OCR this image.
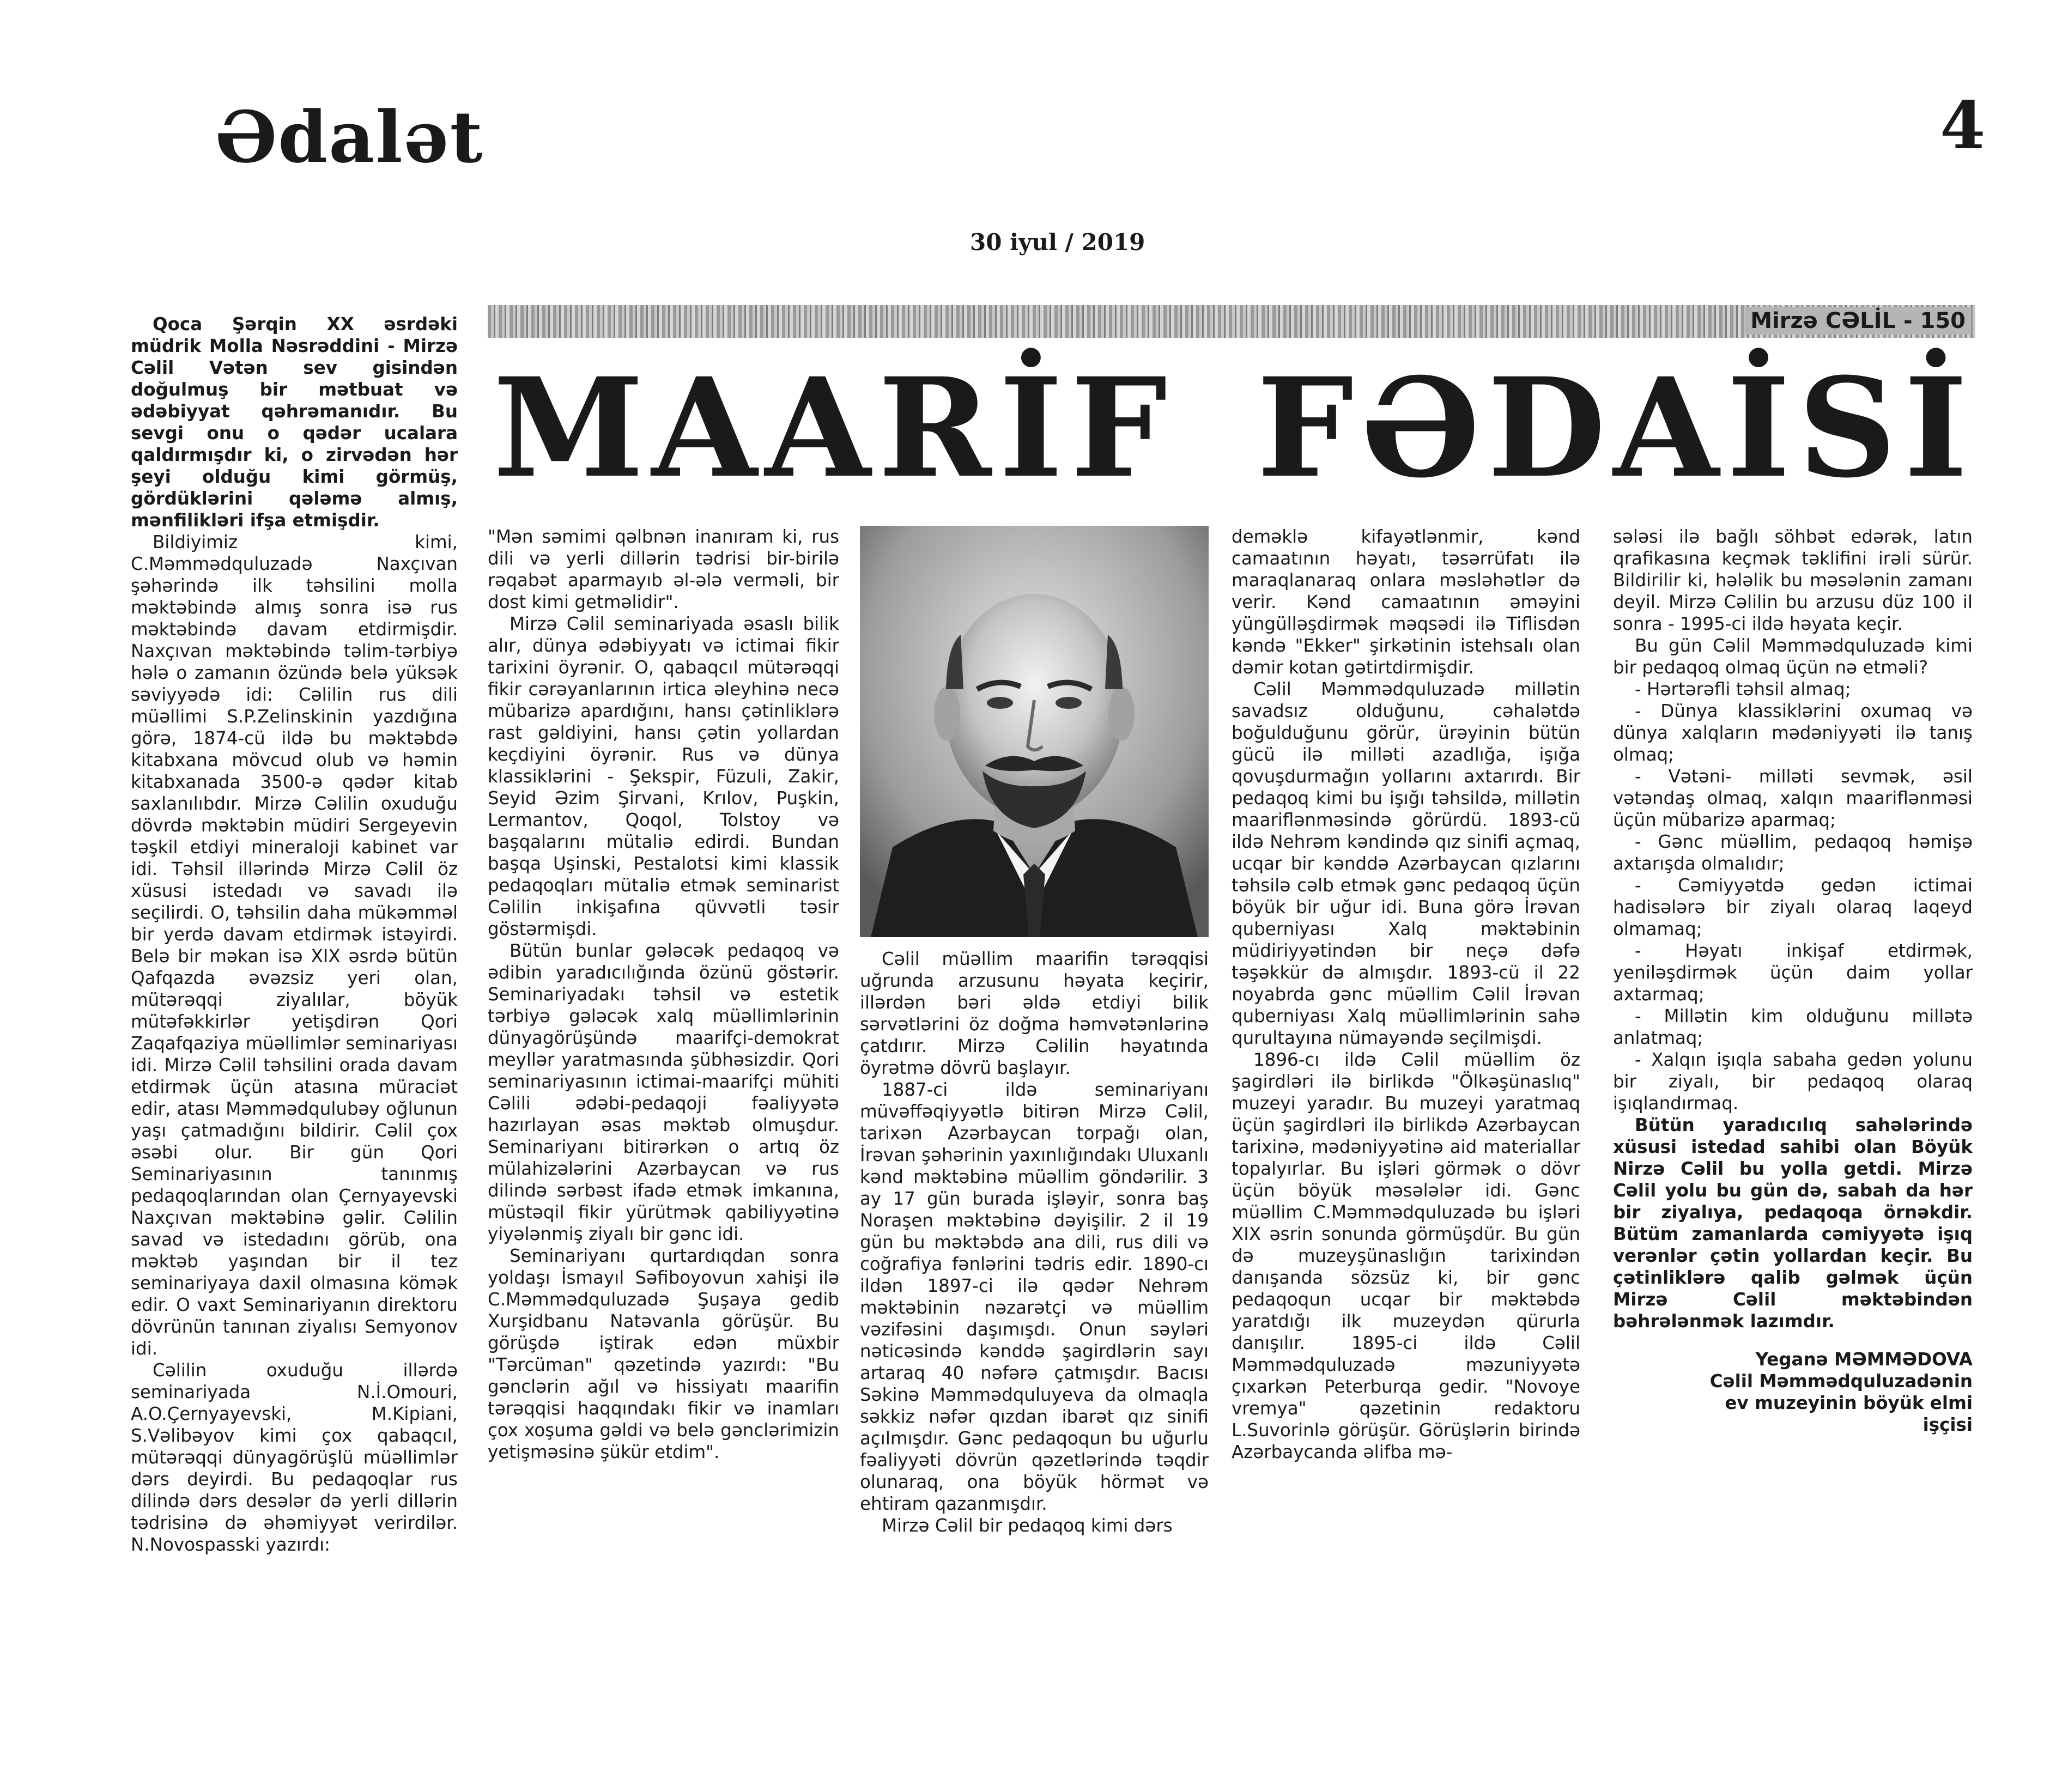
Ədalət	4
30 iyul / 2019
Mirzə CƏLİL - 150
MAARİF FƏDAİSİ

Qoca Şərqin XX əsrdəki müdrik Molla Nəsrəddini - Mirzə Cəlil Vətən sev gisindən doğulmuş bir mətbuat və ədəbiyyat qəhrəmanıdır. Bu sevgi onu o qədər ucalara qaldırmışdır ki, o zirvədən hər şeyi olduğu kimi görmüş, gördüklərini qələmə almış, mənfilikləri ifşa etmişdir.

Bildiyimiz kimi, C.Məmmədquluzadə Naxçıvan şəhərində ilk təhsilini molla məktəbində almış sonra isə rus məktəbində davam etdirmişdir. Naxçıvan məktəbində təlim-tərbiyə hələ o zamanın özündə belə yüksək səviyyədə idi: Cəlilin rus dili müəllimi S.P.Zelinskinin yazdığına görə, 1874-cü ildə bu məktəbdə kitabxana mövcud olub və həmin kitabxanada 3500-ə qədər kitab saxlanılıbdır. Mirzə Cəlilin oxuduğu dövrdə məktəbin müdiri Sergeyevin təşkil etdiyi mineraloji kabinet var idi. Təhsil illərində Mirzə Cəlil öz xüsusi istedadı və savadı ilə seçilirdi. O, təhsilin daha mükəmməl bir yerdə davam etdirmək istəyirdi. Belə bir məkan isə XIX əsrdə bütün Qafqazda əvəzsiz yeri olan, mütərəqqi ziyalılar, böyük mütəfəkkirlər yetişdirən Qori Zaqafqaziya müəllimlər seminariyası idi. Mirzə Cəlil təhsilini orada davam etdirmək üçün atasına müraciət edir, atası Məmmədqulubəy oğlunun yaşı çatmadığını bildirir. Cəlil çox əsəbi olur. Bir gün Qori Seminariyasının tanınmış pedaqoqlarından olan Çernyayevski Naxçıvan məktəbinə gəlir. Cəlilin savad və istedadını görüb, ona məktəb yaşından bir il tez seminariyaya daxil olmasına kömək edir. O vaxt Seminariyanın direktoru dövrünün tanınan ziyalısı Semyonov idi.

Cəlilin oxuduğu illərdə seminariyada N.İ.Omouri, A.O.Çernyayevski, M.Kipiani, S.Vəlibəyov kimi çox qabaqcıl, mütərəqqi dünyagörüşlü müəllimlər dərs deyirdi. Bu pedaqoqlar rus dilində dərs desələr də yerli dillərin tədrisinə də əhəmiyyət verirdilər. N.Novospasski yazırdı:

"Mən səmimi qəlbnən inanıram ki, rus dili və yerli dillərin tədrisi bir-birilə rəqabət aparmayıb əl-ələ verməli, bir dost kimi getməlidir".

Mirzə Cəlil seminariyada əsaslı bilik alır, dünya ədəbiyyatı və ictimai fikir tarixini öyrənir. O, qabaqcıl mütərəqqi fikir cərəyanlarının irtica əleyhinə necə mübarizə apardığını, hansı çətinliklərə rast gəldiyini, hansı çətin yollardan keçdiyini öyrənir. Rus və dünya klassiklərini - Şekspir, Füzuli, Zakir, Seyid Əzim Şirvani, Krılov, Puşkin, Lermantov, Qoqol, Tolstoy və başqalarını mütaliə edirdi. Bundan başqa Uşinski, Pestalotsi kimi klassik pedaqoqları mütaliə etmək seminarist Cəlilin inkişafına qüvvətli təsir göstərmişdi.

Bütün bunlar gələcək pedaqoq və ədibin yaradıcılığında özünü göstərir. Seminariyadakı təhsil və estetik tərbiyə gələcək xalq müəllimlərinin dünyagörüşündə maarifçi-demokrat meyllər yaratmasında şübhəsizdir. Qori seminariyasının ictimai-maarifçi mühiti Cəlili ədəbi-pedaqoji fəaliyyətə hazırlayan əsas məktəb olmuşdur. Seminariyanı bitirərkən o artıq öz mülahizələrini Azərbaycan və rus dilində sərbəst ifadə etmək imkanına, müstəqil fikir yürütmək qabiliyyətinə yiyələnmiş ziyalı bir gənc idi.

Seminariyanı qurtardıqdan sonra yoldaşı İsmayıl Səfiboyovun xahişi ilə C.Məmmədquluzadə Şuşaya gedib Xurşidbanu Natəvanla görüşür. Bu görüşdə iştirak edən müxbir "Tərcüman" qəzetində yazırdı: "Bu gənclərin ağıl və hissiyatı maarifin tərəqqisi haqqındakı fikir və inamları çox xoşuma gəldi və belə gənclərimizin yetişməsinə şükür etdim".

Cəlil müəllim maarifin tərəqqisi uğrunda arzusunu həyata keçirir, illərdən bəri əldə etdiyi bilik sərvətlərini öz doğma həmvətənlərinə çatdırır. Mirzə Cəlilin həyatında öyrətmə dövrü başlayır.

1887-ci ildə seminariyanı müvəffəqiyyətlə bitirən Mirzə Cəlil, tarixən Azərbaycan torpağı olan, İrəvan şəhərinin yaxınlığındakı Uluxanlı kənd məktəbinə müəllim göndərilir. 3 ay 17 gün burada işləyir, sonra baş Noraşen məktəbinə dəyişilir. 2 il 19 gün bu məktəbdə ana dili, rus dili və coğrafiya fənlərini tədris edir. 1890-cı ildən 1897-ci ilə qədər Nehrəm məktəbinin nəzarətçi və müəllim vəzifəsini daşımışdı. Onun səyləri nəticəsində kənddə şagirdlərin sayı artaraq 40 nəfərə çatmışdır. Bacısı Səkinə Məmmədquluyeva da olmaqla səkkiz nəfər qızdan ibarət qız sinifi açılmışdır. Gənc pedaqoqun bu uğurlu fəaliyyəti dövrün qəzetlərində təqdir olunaraq, ona böyük hörmət və ehtiram qazanmışdır.

Mirzə Cəlil bir pedaqoq kimi dərs

deməklə kifayətlənmir, kənd camaatının həyatı, təsərrüfatı ilə maraqlanaraq onlara məsləhətlər də verir. Kənd camaatının əməyini yüngülləşdirmək məqsədi ilə Tiflisdən kəndə "Ekker" şirkətinin istehsalı olan dəmir kotan gətirtdirmişdir.

Cəlil Məmmədquluzadə millətin savadsız olduğunu, cəhalətdə boğulduğunu görür, ürəyinin bütün gücü ilə milləti azadlığa, işığa qovuşdurmağın yollarını axtarırdı. Bir pedaqoq kimi bu işığı təhsildə, millətin maariflənməsində görürdü. 1893-cü ildə Nehrəm kəndində qız sinifi açmaq, ucqar bir kənddə Azərbaycan qızlarını təhsilə cəlb etmək gənc pedaqoq üçün böyük bir uğur idi. Buna görə İrəvan quberniyası Xalq məktəbinin müdiriyyətindən bir neçə dəfə təşəkkür də almışdır. 1893-cü il 22 noyabrda gənc müəllim Cəlil İrəvan quberniyası Xalq müəllimlərinin sahə qurultayına nümayəndə seçilmişdi.

1896-cı ildə Cəlil müəllim öz şagirdləri ilə birlikdə "Ölkəşünaslıq" muzeyi yaradır. Bu muzeyi yaratmaq üçün şagirdləri ilə birlikdə Azərbaycan tarixinə, mədəniyyətinə aid materiallar topalyırlar. Bu işləri görmək o dövr üçün böyük məsələlər idi. Gənc müəllim C.Məmmədquluzadə bu işləri XIX əsrin sonunda görmüşdür. Bu gün də muzeyşünaslığın tarixindən danışanda sözsüz ki, bir gənc pedaqoqun ucqar bir məktəbdə yaratdığı ilk muzeydən qürurla danışılır. 1895-ci ildə Cəlil Məmmədquluzadə məzuniyyətə çıxarkən Peterburqa gedir. "Novoye vremya" qəzetinin redaktoru L.Suvorinlə görüşür. Görüşlərin birində Azərbaycanda əlifba mə-

sələsi ilə bağlı söhbət edərək, latın qrafikasına keçmək təklifini irəli sürür. Bildirilir ki, hələlik bu məsələnin zamanı deyil. Mirzə Cəlilin bu arzusu düz 100 il sonra - 1995-ci ildə həyata keçir.

Bu gün Cəlil Məmmədquluzadə kimi bir pedaqoq olmaq üçün nə etməli?

- Hərtərəfli təhsil almaq;

- Dünya klassiklərini oxumaq və dünya xalqların mədəniyyəti ilə tanış olmaq;

- Vətəni- milləti sevmək, əsil vətəndaş olmaq, xalqın maariflənməsi üçün mübarizə aparmaq;

- Gənc müəllim, pedaqoq həmişə axtarışda olmalıdır;

- Cəmiyyətdə gedən ictimai hadisələrə bir ziyalı olaraq laqeyd olmamaq;

- Həyatı inkişaf etdirmək, yeniləşdirmək üçün daim yollar axtarmaq;

- Millətin kim olduğunu millətə anlatmaq;

- Xalqın işıqla sabaha gedən yolunu bir ziyalı, bir pedaqoq olaraq işıqlandırmaq.

Bütün yaradıcılıq sahələrində xüsusi istedad sahibi olan Böyük Nirzə Cəlil bu yolla getdi. Mirzə Cəlil yolu bu gün də, sabah da hər bir ziyalıya, pedaqoqa örnəkdir. Bütüm zamanlarda cəmiyyətə işıq verənlər çətin yollardan keçir. Bu çətinliklərə qalib gəlmək üçün Mirzə Cəlil məktəbindən bəhrələnmək lazımdır.

Yeganə MƏMMƏDOVA
Cəlil Məmmədquluzadənin
ev muzeyinin böyük elmi
işçisi
